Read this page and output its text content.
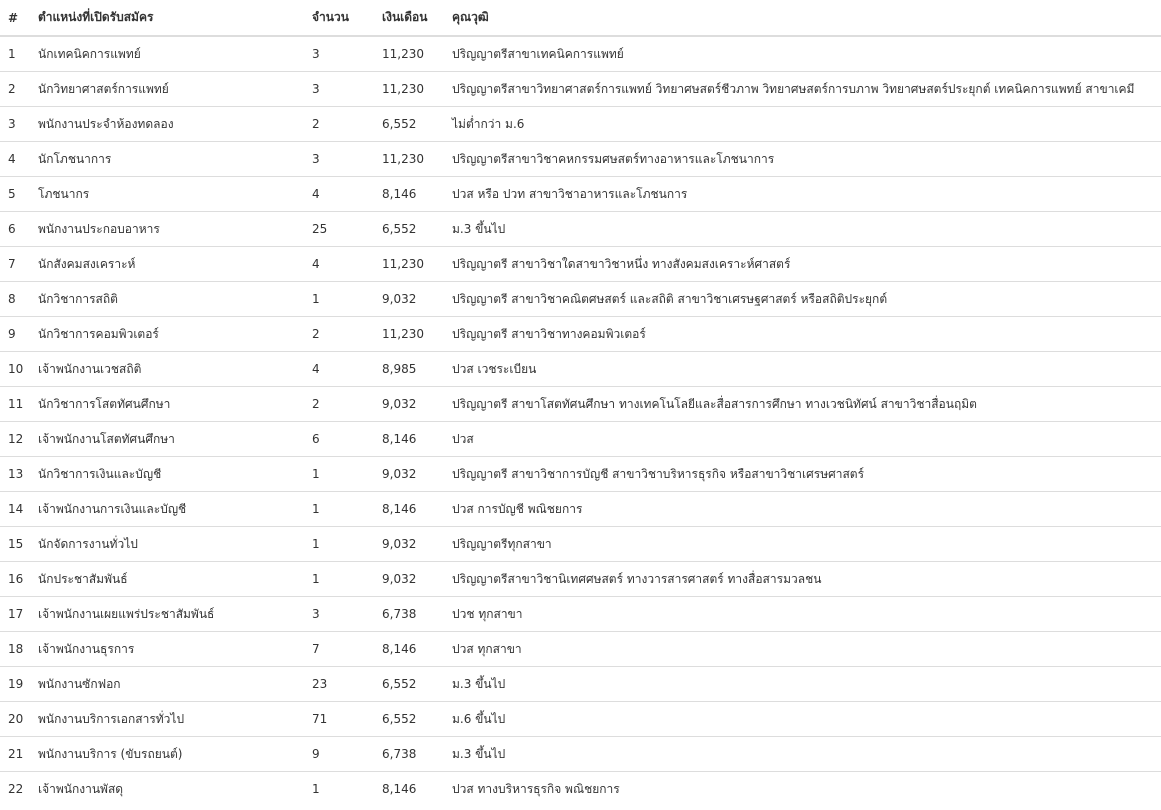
#	ตำแหน่งที่เปิดรับสมัคร	จำนวน	เงินเดือน	คุณวุฒิ
1	นักเทคนิคการแพทย์	3	11,230	ปริญญาตรีสาขาเทคนิคการแพทย์
2	นักวิทยาศาสตร์การแพทย์	3	11,230	ปริญญาตรีสาขาวิทยาศาสตร์การแพทย์ วิทยาศษสตร์ชีวภาพ วิทยาศษสตร์การบภาพ วิทยาศษสตร์ประยุกต์ เทคนิคการแพทย์ สาขาเคมี
3	พนักงานประจำห้องทดลอง	2	6,552	ไม่ต่ำกว่า ม.6
4	นักโภชนาการ	3	11,230	ปริญญาตรีสาขาวิชาคหกรรมศษสตร์ทางอาหารและโภชนาการ
5	โภชนากร	4	8,146	ปวส หรือ ปวท สาขาวิชาอาหารและโภชนการ
6	พนักงานประกอบอาหาร	25	6,552	ม.3 ขึ้นไป
7	นักสังคมสงเคราะห์	4	11,230	ปริญญาตรี สาขาวิชาใดสาขาวิชาหนึ่ง ทางสังคมสงเคราะห์ศาสตร์
8	นักวิชาการสถิติ	1	9,032	ปริญญาตรี สาขาวิชาคณิตศษสตร์ และสถิติ สาขาวิชาเศรษฐศาสตร์ หรือสถิติประยุกต์
9	นักวิชาการคอมพิวเตอร์	2	11,230	ปริญญาตรี สาขาวิชาทางคอมพิวเตอร์
10	เจ้าพนักงานเวชสถิติ	4	8,985	ปวส เวชระเบียน
11	นักวิชาการโสตทัศนศึกษา	2	9,032	ปริญญาตรี สาขาโสตทัศนศึกษา ทางเทคโนโลยีและสื่อสารการศึกษา ทางเวชนิทัศน์ สาขาวิชาสื่อนฤมิต
12	เจ้าพนักงานโสตทัศนศึกษา	6	8,146	ปวส
13	นักวิชาการเงินและบัญชี	1	9,032	ปริญญาตรี สาขาวิชาการบัญชี สาขาวิชาบริหารธุรกิจ หรือสาขาวิชาเศรษศาสตร์
14	เจ้าพนักงานการเงินและบัญชี	1	8,146	ปวส การบัญชี พณิชยการ
15	นักจัดการงานทั่วไป	1	9,032	ปริญญาตรีทุกสาขา
16	นักประชาสัมพันธ์	1	9,032	ปริญญาตรีสาขาวิชานิเทศศษสตร์ ทางวารสารศาสตร์ ทางสื่อสารมวลชน
17	เจ้าพนักงานเผยแพร่ประชาสัมพันธ์	3	6,738	ปวช ทุกสาขา
18	เจ้าพนักงานธุรการ	7	8,146	ปวส ทุกสาขา
19	พนักงานซักฟอก	23	6,552	ม.3 ขึ้นไป
20	พนักงานบริการเอกสารทั่วไป	71	6,552	ม.6 ขึ้นไป
21	พนักงานบริการ (ขับรถยนต์)	9	6,738	ม.3 ขึ้นไป
22	เจ้าพนักงานพัสดุ	1	8,146	ปวส ทางบริหารธุรกิจ พณิชยการ
